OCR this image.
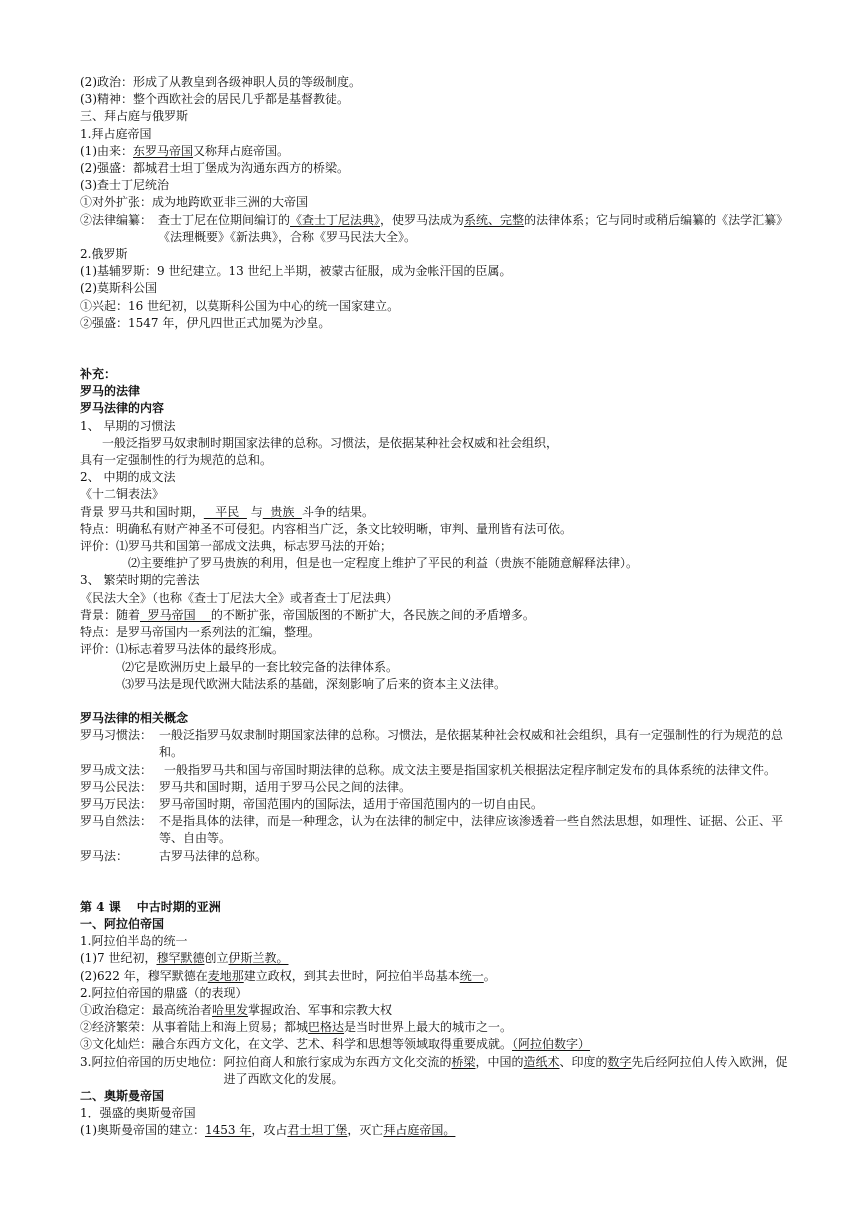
(2)政治：形成了从教皇到各级神职人员的等级制度。
(3)精神：整个西欧社会的居民几乎都是基督教徒。
三、拜占庭与俄罗斯
1.拜占庭帝国
(1)由来：东罗马帝国又称拜占庭帝国。
(2)强盛：都城君士坦丁堡成为沟通东西方的桥梁。
(3)查士丁尼统治
①对外扩张：成为地跨欧亚非三洲的大帝国
②法律编纂： 查士丁尼在位期间编订的《查士丁尼法典》，使罗马法成为系统、完整的法律体系；它与同时或稍后编纂的《法学汇纂》《法理概要》《新法典》，合称《罗马民法大全》。
2.俄罗斯
(1)基辅罗斯：9 世纪建立。13 世纪上半期，被蒙古征服，成为金帐汗国的臣属。
(2)莫斯科公国
①兴起：16 世纪初，以莫斯科公国为中心的统一国家建立。
②强盛：1547 年，伊凡四世正式加冕为沙皇。
补充：
罗马的法律
罗马法律的内容
1、 早期的习惯法
一般泛指罗马奴隶制时期国家法律的总称。习惯法，是依据某种社会权威和社会组织，
具有一定强制性的行为规范的总和。
2、 中期的成文法
《十二铜表法》
背景 罗马共和国时期，   平民   与  贵族  斗争的结果。
特点：明确私有财产神圣不可侵犯。内容相当广泛，条文比较明晰，审判、量刑皆有法可依。
评价：⑴罗马共和国第一部成文法典，标志罗马法的开始；
⑵主要维护了罗马贵族的利用，但是也一定程度上维护了平民的利益（贵族不能随意解释法律）。
3、 繁荣时期的完善法
《民法大全》（也称《查士丁尼法大全》或者查士丁尼法典）
背景：随着  罗马帝国    的不断扩张，帝国版图的不断扩大，各民族之间的矛盾增多。
特点：是罗马帝国内一系列法的汇编，整理。
评价：⑴标志着罗马法体的最终形成。
⑵它是欧洲历史上最早的一套比较完备的法律体系。
⑶罗马法是现代欧洲大陆法系的基础，深刻影响了后来的资本主义法律。
罗马法律的相关概念
罗马习惯法： 一般泛指罗马奴隶制时期国家法律的总称。习惯法，是依据某种社会权威和社会组织，具有一定强制性的行为规范的总和。
罗马成文法： 一般指罗马共和国与帝国时期法律的总称。成文法主要是指国家机关根据法定程序制定发布的具体系统的法律文件。
罗马公民法： 罗马共和国时期，适用于罗马公民之间的法律。
罗马万民法： 罗马帝国时期，帝国范围内的国际法，适用于帝国范围内的一切自由民。
罗马自然法： 不是指具体的法律，而是一种理念，认为在法律的制定中，法律应该渗透着一些自然法思想，如理性、证据、公正、平等、自由等。
罗马法：	古罗马法律的总称。
第 4 课 中古时期的亚洲
一、阿拉伯帝国
1.阿拉伯半岛的统一
(1)7 世纪初，穆罕默德创立伊斯兰教。
(2)622 年，穆罕默德在麦地那建立政权，到其去世时，阿拉伯半岛基本统一。
2.阿拉伯帝国的鼎盛（的表现）
①政治稳定：最高统治者哈里发掌握政治、军事和宗教大权
②经济繁荣：从事着陆上和海上贸易；都城巴格达是当时世界上最大的城市之一。
③文化灿烂：融合东西方文化，在文学、艺术、科学和思想等领域取得重要成就。（阿拉伯数字）
3.阿拉伯帝国的历史地位： 阿拉伯商人和旅行家成为东西方文化交流的桥梁，中国的造纸术、印度的数字先后经阿拉伯人传入欧洲，促进了西欧文化的发展。
二、奥斯曼帝国
1．强盛的奥斯曼帝国
(1)奥斯曼帝国的建立：1453 年，攻占君士坦丁堡，灭亡拜占庭帝国。
